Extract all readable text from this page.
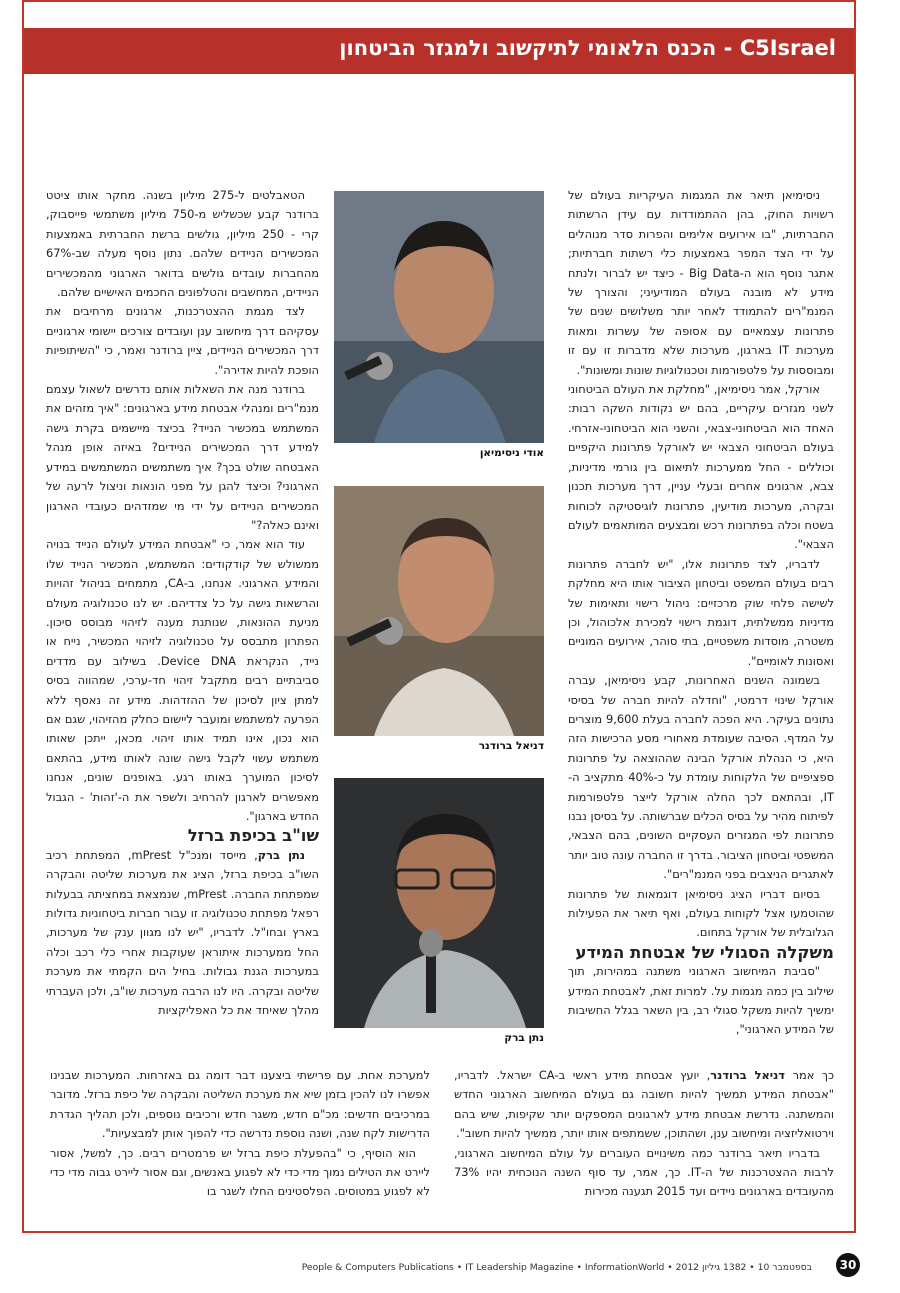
C5Israel - הכנס הלאומי לתיקשוב ולמגזר הביטחון

ניסימיאן תיאר את המגמות העיקריות בעולם של רשויות החוק, בהן ההתמודדות עם עידן הרשתות החברתיות, "בו אירועים אלימים והפרות סדר מנוהלים על ידי הצד המפר באמצעות כלי רשתות חברתיות; אתגר נוסף הוא ה-Big Data - כיצד יש לברור ולנתח מידע לא מובנה בעולם המודיעיני; והצורך של המנמ"רים להתמודד לאחר יותר משלושים שנים של פתרונות עצמאיים עם אסופה של עשרות ומאות מערכות IT בארגון, מערכות שלא מדברות זו עם זו ומבוססות על פלטפורמות וטכנולוגיות שונות ומשונות".

אורקל, אמר ניסימיאן, "מחלקת את העולם הביטחוני לשני מגזרים עיקריים, בהם יש נקודות השקה רבות: האחד הוא הביטחוני-צבאי, והשני הוא הביטחוני-אזרחי. בעולם הביטחוני הצבאי יש לאורקל פתרונות היקפיים וכוללים - החל ממערכות לתיאום בין גורמי מדיניות, צבא, ארגונים אחרים ובעלי עניין, דרך מערכות תכנון ובקרה, מערכות מודיעין, פתרונות לוגיסטיקה לכוחות בשטח וכלה בפתרונות רכש ומבצעים המותאמים לעולם הצבאי".

לדבריו, לצד פתרונות אלו, "יש לחברה פתרונות רבים בעולם המשפט וביטחון הציבור אותו היא מחלקת לשישה פלחי שוק מרכזיים: ניהול רישוי ותאימות של מדיניות ממשלתית, דוגמת רישוי למכירת אלכוהול, וכן משטרה, מוסדות משפטיים, בתי סוהר, אירועים המוניים ואסונות לאומיים".

בשמונה השנים האחרונות, קבע ניסימיאן, עברה אורקל שינוי דרמטי, "וחדלה להיות חברה של בסיסי נתונים בעיקר. היא הפכה לחברה בעלת 9,600 מוצרים על המדף. הסיבה שעומדת מאחורי מסע הרכישות הזה היא, כי הנהלת אורקל הבינה שההוצאה על פתרונות ספציפיים של הלקוחות עומדת על כ-40% מתקציב ה-IT, ובהתאם לכך החלה אורקל לייצר פלטפורמות לפיתוח מהיר על בסיס הכלים שברשותה. על בסיסן נבנו פתרונות לפי המגזרים העסקיים השונים, בהם הצבאי, המשפטי וביטחון הציבור. בדרך זו החברה עונה טוב יותר לאתגרים הניצבים בפני המנמ"רים".

בסיום דבריו הציג ניסימיאן דוגמאות של פתרונות שהוטמעו אצל לקוחות בעולם, ואף תיאר את הפעילות הגלובלית של אורקל בתחום.

משקלה הסגולי של אבטחת המידע

"סביבת המיחשוב הארגוני משתנה במהירות, תוך שילוב בין כמה מגמות על. למרות זאת, לאבטחת המידע ימשיך להיות משקל סגולי רב, בין השאר בגלל החשיבות של המידע הארגוני",

אודי ניסימיאן
דניאל ברודנר
נתן ברק

הטאבלטים ל-275 מיליון בשנה. מחקר אותו ציטט ברודנר קבע שכשליש מ-750 מיליון משתמשי פייסבוק, קרי - 250 מיליון, גולשים ברשת החברתית באמצעות המכשירים הניידים שלהם. נתון נוסף מעלה שב-67% מהחברות עובדים גולשים בדואר הארגוני מהמכשירים הניידים, המחשבים והטלפונים החכמים האישיים שלהם.

לצד מגמת ההצטרכנות, ארגונים מרחיבים את עסקיהם דרך מיחשוב ענן ועובדים צורכים יישומי ארגוניים דרך המכשירים הניידים, ציין ברודנר ואמר, כי "השיתופיות הופכת להיות אדירה".

ברודנר מנה את השאלות אותם נדרשים לשאול עצמם מנמ"רים ומנהלי אבטחת מידע בארגונים: "איך מזהים את המשתמש במכשיר הנייד? בכיצד מיישמים בקרת גישה למידע דרך המכשירים הניידים? באיזה אופן מנהל האבטחה שולט בכך? איך משתמשים המשתמשים במידע הארגוני? וכיצד להגן על מפני הונאות וניצול לרעה של המכשירים הניידים על ידי מי שמזדהים כעובדי הארגון ואינם כאלה?"

עוד הוא אמר, כי "אבטחת המידע לעולם הנייד בנויה ממשולש של קודקודים: המשתמש, המכשיר הנייד שלו והמידע הארגוני. אנחנו, ב-CA, מתמחים בניהול זהויות והרשאות גישה על כל צדדיהם. יש לנו טכנולוגיה מעולם מניעת ההונאות, שנותנת מענה לזיהוי מבוסס סיכון. הפתרון מתבסס על טכנולוגיה לזיהוי המכשיר, נייח או נייד, הנקראת Device DNA. בשילוב עם מדדים סביבתיים רבים מתקבל זיהוי חד-ערכי, שמהווה בסיס למתן ציון לסיכון של ההזדהות. מידע זה נאסף ללא הפרעה למשתמש ומועבר ליישום כחלק מהזיהוי, שגם אם הוא נכון, אינו תמיד אותו זיהוי. מכאן, ייתכן שאותו משתמש עשוי לקבל גישה שונה לאותו מידע, בהתאם לסיכון המוערך באותו רגע. באופנים שונים, אנחנו מאפשרים לארגון להרחיב ולשפר את ה-'זהות' - הגבול החדש בארגון".

שו"ב בכיפת ברזל

נתן ברק, מייסד ומנכ"ל mPrest, המפתחת רכיב השו"ב בכיפת ברזל, הציג את מערכות שליטה והבקרה שמפתחת החברה. mPrest, שנמצאת במחציתה בבעלות רפאל מפתחת טכנולוגיה זו עבור חברות ביטחוניות גדולות בארץ ובחו"ל. לדבריו, "יש לנו מגוון ענק של מערכות, החל ממערכות איתוראן שעוקבות אחרי כלי רכב וכלה במערכות הגנת גבולות. בחיל הים הקמתי את מערכת שליטה ובקרה. היו לנו הרבה מערכות שו"ב, ולכן העברתי מהלך שאיחד את כל האפליקציות

כך אמר דניאל ברודנר, יועץ אבטחת מידע ראשי ב-CA ישראל. לדבריו, "אבטחת המידע תמשיך להיות חשובה גם בעולם המיחשוב הארגוני החדש והמשתנה. נדרשת אבטחת מידע לארגונים המספקים יותר שקיפות, שיש בהם וירטואליזציה ומיחשוב ענן, ושהתוכן, ששמתפים אותו יותר, ממשיך להיות חשוב".

בדבריו תיאר ברודנר כמה משינויים העוברים על עולם המיחשוב הארגוני, לרבות ההצטרכנות של ה-IT. כך, אמר, עד סוף השנה הנוכחית יהיו 73% מהעובדים בארגונים ניידים ועד 2015 תגענה מכירות

למערכת אחת. עם פרישתי ביצענו דבר דומה גם באזרחות. המערכות שבנינו אפשרו לנו להכין בזמן שיא את מערכת השליטה והבקרה של כיפת ברזל. מדובר במרכיבים חדשים: מכ"ם חדש, משגר חדש ורכיבים נוספים, ולכן תהליך הגדרת הדרישות לקח שנה, ושנה נוספת נדרשה כדי להפוך אותן למבצעיות".

הוא הוסיף, כי "בהפעלת כיפת ברזל יש פרמטרים רבים. כך, למשל, אסור ליירט את הטילים נמוך מדי כדי לא לפגוע באנשים, וגם אסור ליירט גבוה מדי כדי לא לפגוע במטוסים. הפלסטינים החלו לשגר בו

People & Computers Publications • IT Leadership Magazine • InformationWorld • 2012 בספטמבר 10 • 1382 גיליון	30
